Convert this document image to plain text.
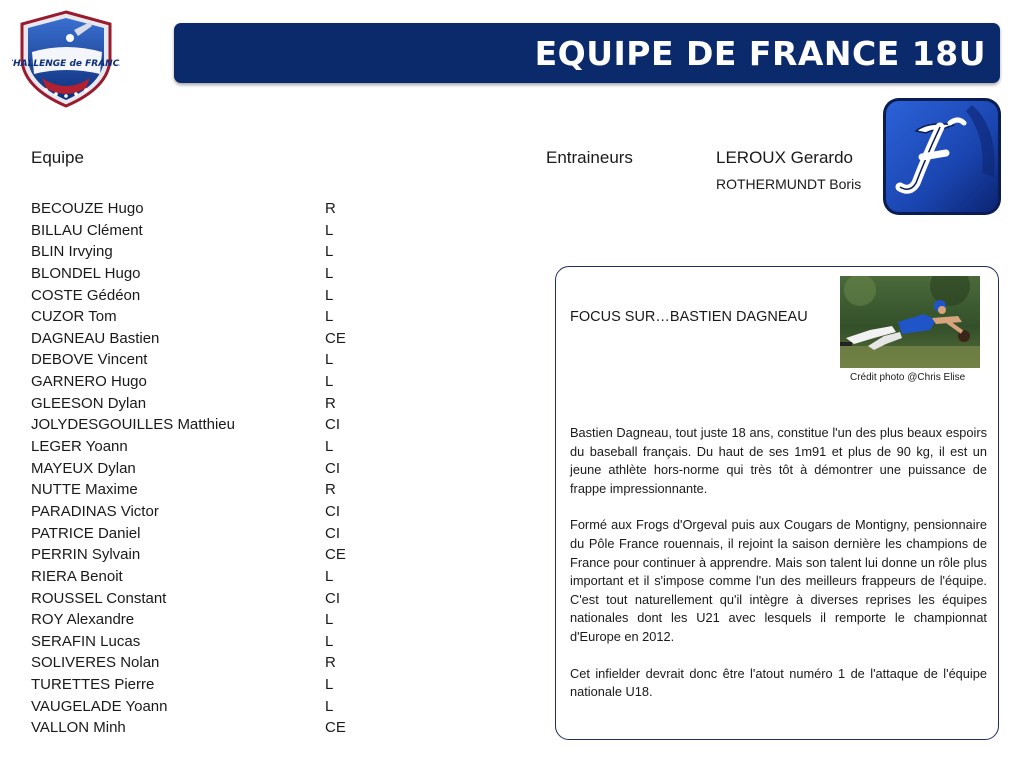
CHALLENGE de FRANCE	EQUIPE DE FRANCE 18U
Equipe	Entraineurs	LEROUX Gerardo
ROTHERMUNDT Boris
BECOUZE Hugo	R
BILLAU Clément	L
BLIN Irvying	L
BLONDEL Hugo	L
COSTE Gédéon	L
CUZOR Tom	L
DAGNEAU Bastien	CE
DEBOVE Vincent	L
GARNERO Hugo	L
GLEESON Dylan	R
JOLYDESGOUILLES Matthieu	CI
LEGER Yoann	L
MAYEUX Dylan	CI
NUTTE Maxime	R
PARADINAS Victor	CI
PATRICE Daniel	CI
PERRIN Sylvain	CE
RIERA Benoit	L
ROUSSEL Constant	CI
ROY Alexandre	L
SERAFIN Lucas	L
SOLIVERES Nolan	R
TURETTES Pierre	L
VAUGELADE Yoann	L
VALLON Minh	CE
FOCUS SUR…BASTIEN DAGNEAU
Crédit photo @Chris Elise

Bastien Dagneau, tout juste 18 ans, constitue l'un des plus beaux espoirs du baseball français. Du haut de ses 1m91 et plus de 90 kg, il est un jeune athlète hors-norme qui très tôt à démontrer une puissance de frappe impressionnante.

Formé aux Frogs d'Orgeval puis aux Cougars de Montigny, pensionnaire du Pôle France rouennais, il rejoint la saison dernière les champions de France pour continuer à apprendre. Mais son talent lui donne un rôle plus important et il s'impose comme l'un des meilleurs frappeurs de l'équipe. C'est tout naturellement qu'il intègre à diverses reprises les équipes nationales dont les U21 avec lesquels il remporte le championnat d'Europe en 2012.

Cet infielder devrait donc être l'atout numéro 1 de l'attaque de l'équipe nationale U18.
